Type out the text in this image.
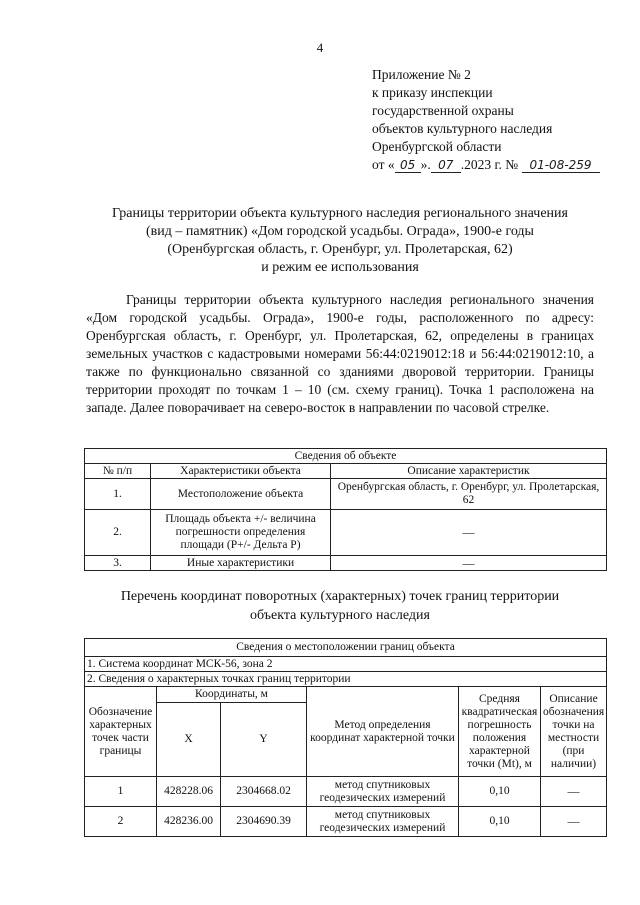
4
Приложение № 2
к приказу инспекции
государственной охраны
объектов культурного наследия
Оренбургской области
от « 05 ». 07 .2023 г. № 01-08-259
Границы территории объекта культурного наследия регионального значения
(вид – памятник) «Дом городской усадьбы. Ограда», 1900-е годы
(Оренбургская область, г. Оренбург, ул. Пролетарская, 62)
и режим ее использования

Границы территории объекта культурного наследия регионального значения «Дом городской усадьбы. Ограда», 1900-е годы, расположенного по адресу: Оренбургская область, г. Оренбург, ул. Пролетарская, 62, определены в границах земельных участков с кадастровыми номерами 56:44:0219012:18 и 56:44:0219012:10, а также по функционально связанной со зданиями дворовой территории. Границы территории проходят по точкам 1 – 10 (см. схему границ). Точка 1 расположена на западе. Далее поворачивает на северо-восток в направлении по часовой стрелке.

Сведения об объекте		
№ п/п	Характеристики объекта	Описание характеристик
1.	Местоположение объекта	Оренбургская область, г. Оренбург, ул. Пролетарская, 62
2.	Площадь объекта +/- величина погрешности определения площади (Р+/- Дельта Р)	—
3.	Иные характеристики	—
Перечень координат поворотных (характерных) точек границ территории
объекта культурного наследия
Сведения о местоположении границ объекта					
1. Система координат МСК-56, зона 2					
2. Сведения о характерных точках границ территории					
Обозначение характерных точек части границы	Координаты, м		Метод определения координат характерной точки	Средняя квадратическая погрешность положения характерной точки (Mt), м	Описание обозначения точки на местности (при наличии)
	X	Y			
1	428228.06	2304668.02	метод спутниковых геодезических измерений	0,10	—
2	428236.00	2304690.39	метод спутниковых геодезических измерений	0,10	—
